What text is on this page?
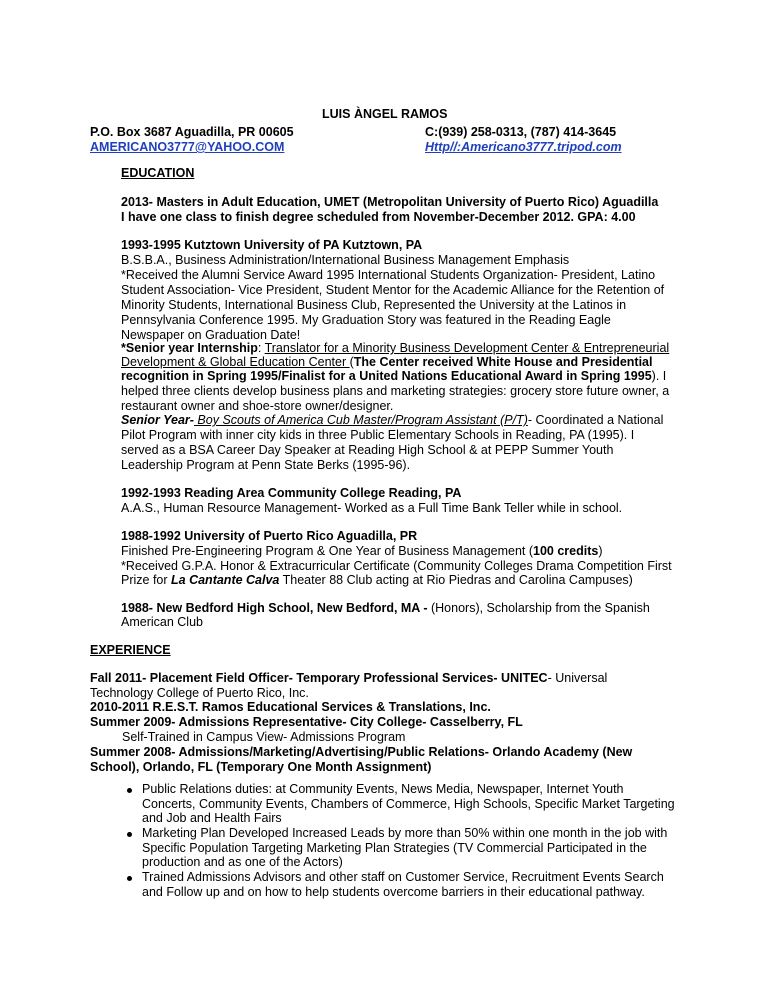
LUIS ÀNGEL RAMOS
P.O. Box 3687 Aguadilla, PR 00605	C:(939) 258-0313, (787) 414-3645
AMERICANO3777@YAHOO.COM	Http//:Americano3777.tripod.com
EDUCATION
2013- Masters in Adult Education, UMET (Metropolitan University of Puerto Rico) Aguadilla
I have one class to finish degree scheduled from November-December 2012. GPA: 4.00
1993-1995 Kutztown University of PA Kutztown, PA
B.S.B.A., Business Administration/International Business Management Emphasis
*Received the Alumni Service Award 1995 International Students Organization- President, Latino
Student Association- Vice President, Student Mentor for the Academic Alliance for the Retention of
Minority Students, International Business Club, Represented the University at the Latinos in
Pennsylvania Conference 1995. My Graduation Story was featured in the Reading Eagle
Newspaper on Graduation Date!
*Senior year Internship: Translator for a Minority Business Development Center & Entrepreneurial
Development & Global Education Center (The Center received White House and Presidential
recognition in Spring 1995/Finalist for a United Nations Educational Award in Spring 1995). I
helped three clients develop business plans and marketing strategies: grocery store future owner, a
restaurant owner and shoe-store owner/designer.
Senior Year- Boy Scouts of America Cub Master/Program Assistant (P/T)- Coordinated a National
Pilot Program with inner city kids in three Public Elementary Schools in Reading, PA (1995). I
served as a BSA Career Day Speaker at Reading High School & at PEPP Summer Youth
Leadership Program at Penn State Berks (1995-96).
1992-1993 Reading Area Community College Reading, PA
A.A.S., Human Resource Management- Worked as a Full Time Bank Teller while in school.
1988-1992 University of Puerto Rico Aguadilla, PR
Finished Pre-Engineering Program & One Year of Business Management (100 credits)
*Received G.P.A. Honor & Extracurricular Certificate (Community Colleges Drama Competition First
Prize for La Cantante Calva Theater 88 Club acting at Rio Piedras and Carolina Campuses)
1988- New Bedford High School, New Bedford, MA - (Honors), Scholarship from the Spanish
American Club
EXPERIENCE
Fall 2011- Placement Field Officer- Temporary Professional Services- UNITEC- Universal
Technology College of Puerto Rico, Inc.
2010-2011 R.E.S.T. Ramos Educational Services & Translations, Inc.
Summer 2009- Admissions Representative- City College- Casselberry, FL
Self-Trained in Campus View- Admissions Program
Summer 2008- Admissions/Marketing/Advertising/Public Relations- Orlando Academy (New
School), Orlando, FL (Temporary One Month Assignment)
Public Relations duties: at Community Events, News Media, Newspaper, Internet Youth
Concerts, Community Events, Chambers of Commerce, High Schools, Specific Market Targeting
and Job and Health Fairs
Marketing Plan Developed Increased Leads by more than 50% within one month in the job with
Specific Population Targeting Marketing Plan Strategies (TV Commercial Participated in the
production and as one of the Actors)
Trained Admissions Advisors and other staff on Customer Service, Recruitment Events Search
and Follow up and on how to help students overcome barriers in their educational pathway.
